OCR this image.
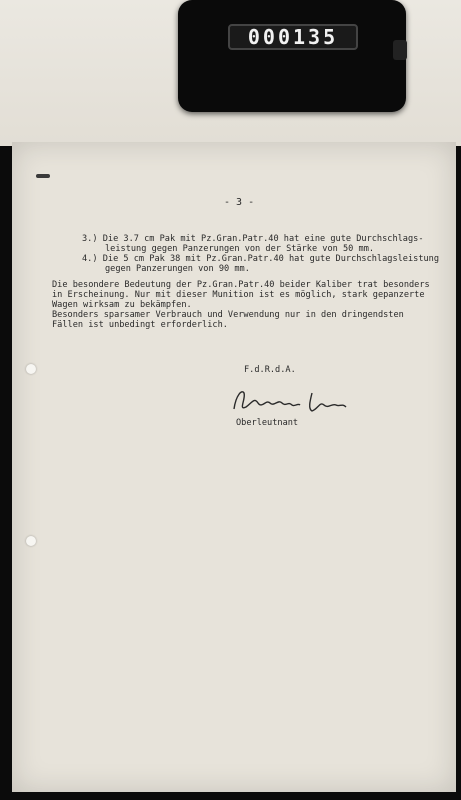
000135
- 3 -
3.) Die 3.7 cm Pak mit Pz.Gran.Patr.40 hat eine gute Durchschlags-
leistung gegen Panzerungen von der Stärke von 50 mm.
4.) Die 5 cm Pak 38 mit Pz.Gran.Patr.40 hat gute Durchschlagsleistung
gegen Panzerungen von 90 mm.
Die besondere Bedeutung der Pz.Gran.Patr.40 beider Kaliber trat besonders
in Erscheinung. Nur mit dieser Munition ist es möglich, stark gepanzerte
Wagen wirksam zu bekämpfen.
Besonders sparsamer Verbrauch und Verwendung nur in den dringendsten
Fällen ist unbedingt erforderlich.
F.d.R.d.A.
Oberleutnant
